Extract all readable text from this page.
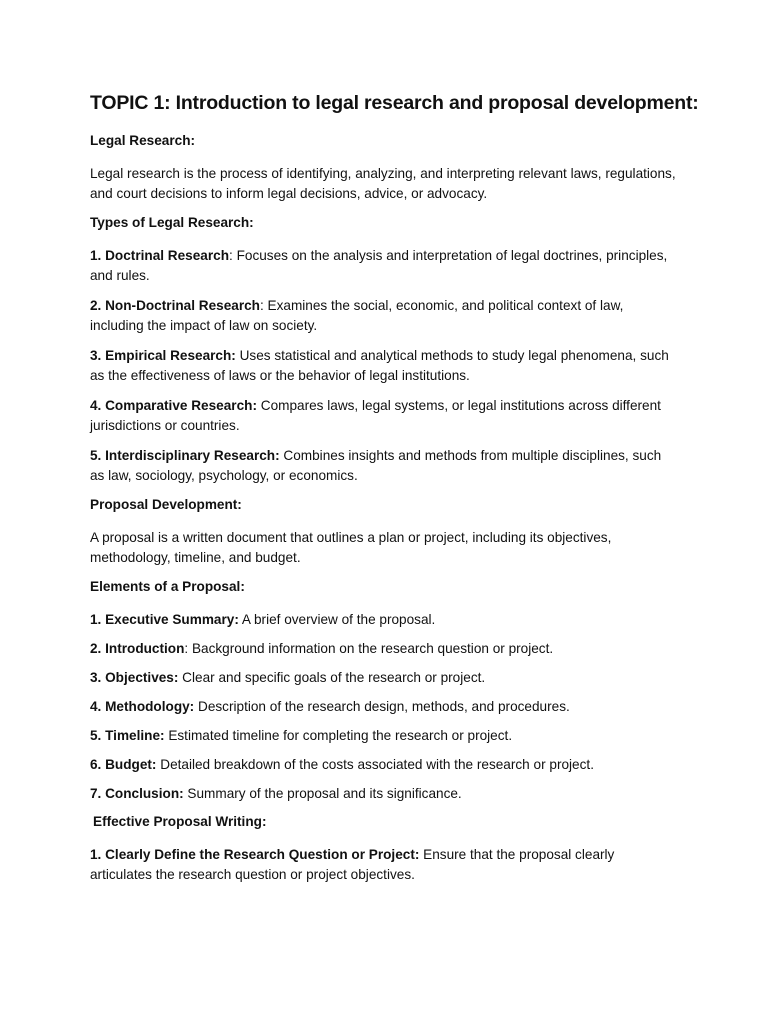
TOPIC 1: Introduction to legal research and proposal development:
Legal Research:

Legal research is the process of identifying, analyzing, and interpreting relevant laws, regulations, and court decisions to inform legal decisions, advice, or advocacy.

Types of Legal Research:

1. Doctrinal Research: Focuses on the analysis and interpretation of legal doctrines, principles, and rules.

2. Non-Doctrinal Research: Examines the social, economic, and political context of law, including the impact of law on society.

3. Empirical Research: Uses statistical and analytical methods to study legal phenomena, such as the effectiveness of laws or the behavior of legal institutions.

4. Comparative Research: Compares laws, legal systems, or legal institutions across different jurisdictions or countries.

5. Interdisciplinary Research: Combines insights and methods from multiple disciplines, such as law, sociology, psychology, or economics.

Proposal Development:

A proposal is a written document that outlines a plan or project, including its objectives, methodology, timeline, and budget.

Elements of a Proposal:

1. Executive Summary: A brief overview of the proposal.

2. Introduction: Background information on the research question or project.

3. Objectives: Clear and specific goals of the research or project.

4. Methodology: Description of the research design, methods, and procedures.

5. Timeline: Estimated timeline for completing the research or project.

6. Budget: Detailed breakdown of the costs associated with the research or project.

7. Conclusion: Summary of the proposal and its significance.

Effective Proposal Writing:

1. Clearly Define the Research Question or Project: Ensure that the proposal clearly articulates the research question or project objectives.
